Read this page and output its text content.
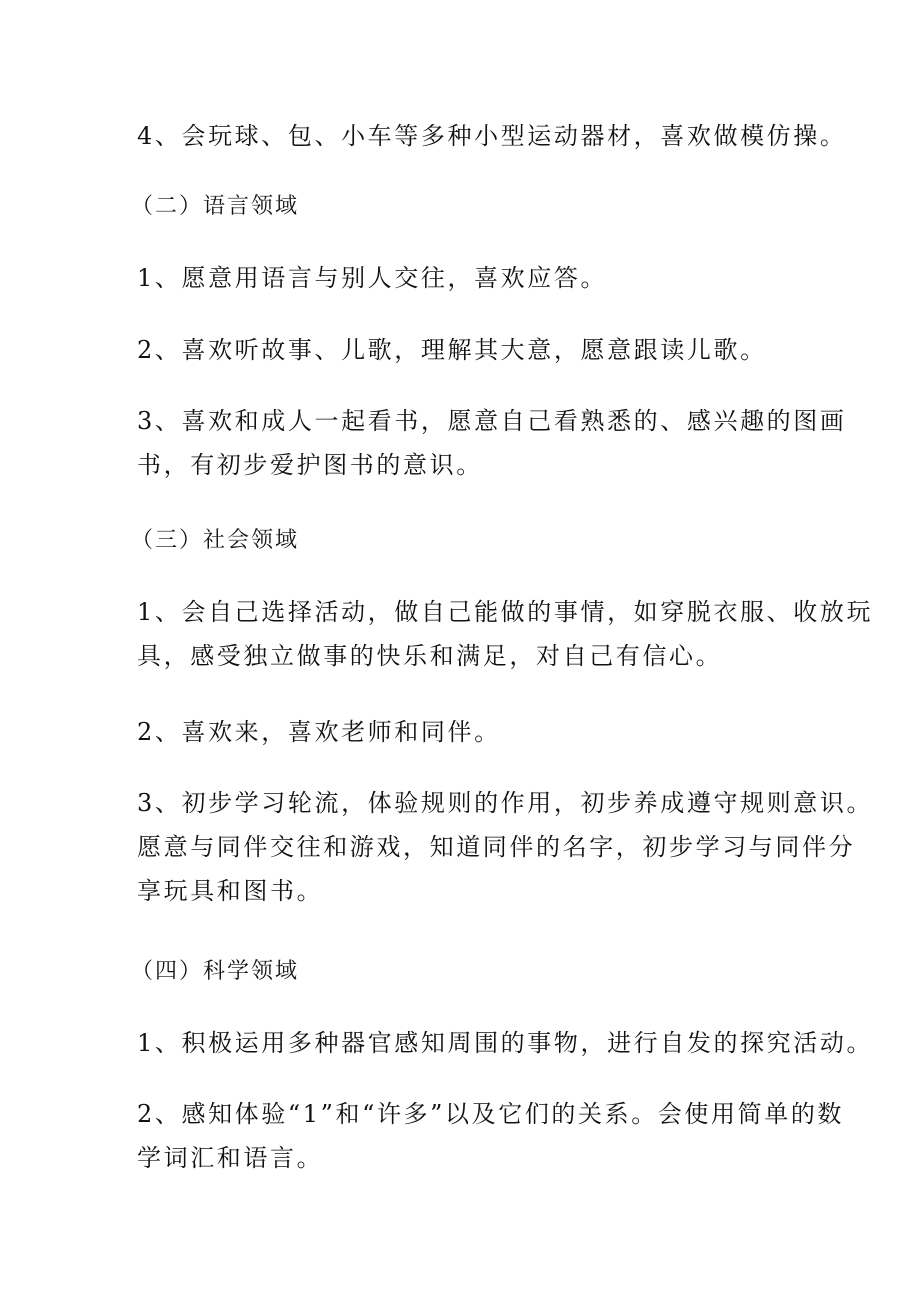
4、会玩球、包、小车等多种小型运动器材，喜欢做模仿操。

（二）语言领域

1、愿意用语言与别人交往，喜欢应答。

2、喜欢听故事、儿歌，理解其大意，愿意跟读儿歌。

3、喜欢和成人一起看书，愿意自己看熟悉的、感兴趣的图画
书，有初步爱护图书的意识。

（三）社会领域

1、会自己选择活动，做自己能做的事情，如穿脱衣服、收放玩
具，感受独立做事的快乐和满足，对自己有信心。

2、喜欢来，喜欢老师和同伴。

3、初步学习轮流，体验规则的作用，初步养成遵守规则意识。
愿意与同伴交往和游戏，知道同伴的名字，初步学习与同伴分
享玩具和图书。

（四）科学领域

1、积极运用多种器官感知周围的事物，进行自发的探究活动。

2、感知体验“1”和“许多”以及它们的关系。会使用简单的数
学词汇和语言。
